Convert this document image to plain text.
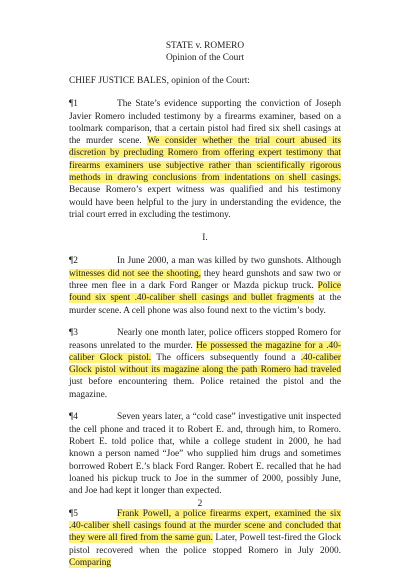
STATE v. ROMERO
Opinion of the Court
CHIEF JUSTICE BALES, opinion of the Court:

¶1	The State’s evidence supporting the conviction of Joseph Javier Romero included testimony by a firearms examiner, based on a toolmark comparison, that a certain pistol had fired six shell casings at the murder scene. We consider whether the trial court abused its discretion by precluding Romero from offering expert testimony that firearms examiners use subjective rather than scientifically rigorous methods in drawing conclusions from indentations on shell casings. Because Romero’s expert witness was qualified and his testimony would have been helpful to the jury in understanding the evidence, the trial court erred in excluding the testimony.

I.

¶2	In June 2000, a man was killed by two gunshots. Although witnesses did not see the shooting, they heard gunshots and saw two or three men flee in a dark Ford Ranger or Mazda pickup truck. Police found six spent .40-caliber shell casings and bullet fragments at the murder scene. A cell phone was also found next to the victim’s body.

¶3	Nearly one month later, police officers stopped Romero for reasons unrelated to the murder. He possessed the magazine for a .40-caliber Glock pistol. The officers subsequently found a .40-caliber Glock pistol without its magazine along the path Romero had traveled just before encountering them. Police retained the pistol and the magazine.

¶4	Seven years later, a “cold case” investigative unit inspected the cell phone and traced it to Robert E. and, through him, to Romero. Robert E. told police that, while a college student in 2000, he had known a person named “Joe” who supplied him drugs and sometimes borrowed Robert E.’s black Ford Ranger. Robert E. recalled that he had loaned his pickup truck to Joe in the summer of 2000, possibly June, and Joe had kept it longer than expected.

¶5	Frank Powell, a police firearms expert, examined the six .40-caliber shell casings found at the murder scene and concluded that they were all fired from the same gun. Later, Powell test-fired the Glock pistol recovered when the police stopped Romero in July 2000. Comparing

2
